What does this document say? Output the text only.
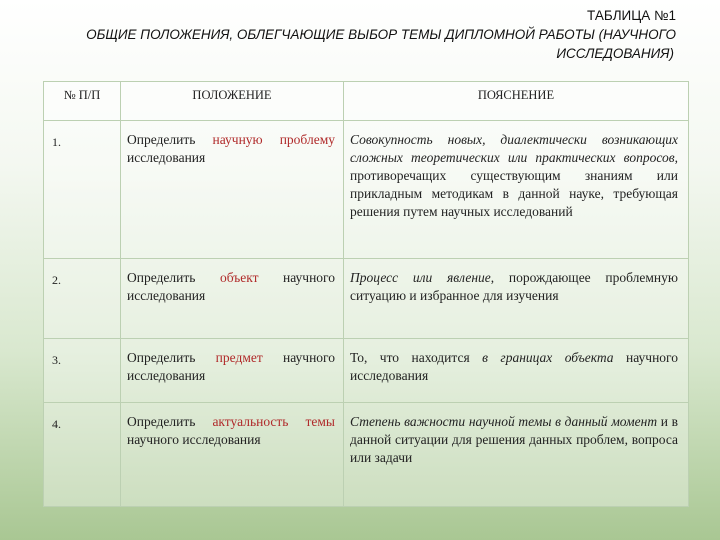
ТАБЛИЦА №1
ОБЩИЕ ПОЛОЖЕНИЯ, ОБЛЕГЧАЮЩИЕ ВЫБОР ТЕМЫ ДИПЛОМНОЙ РАБОТЫ (НАУЧНОГО
ИССЛЕДОВАНИЯ)
№ П/П	ПОЛОЖЕНИЕ	ПОЯСНЕНИЕ

1.	Определить научную проблему исследования	Совокупность новых, диалектически возникающих сложных теоретических или практических вопросов, противоречащих существующим знаниям или прикладным методикам в данной науке, требующая решения путем научных исследований
2.	Определить объект научного исследования	Процесс или явление, порождающее проблемную ситуацию и избранное для изучения
3.	Определить предмет научного исследования	То, что находится в границах объекта научного исследования
4.	Определить актуальность темы научного исследования	Степень важности научной темы в данный момент и в данной ситуации для решения данных проблем, вопроса или задачи
